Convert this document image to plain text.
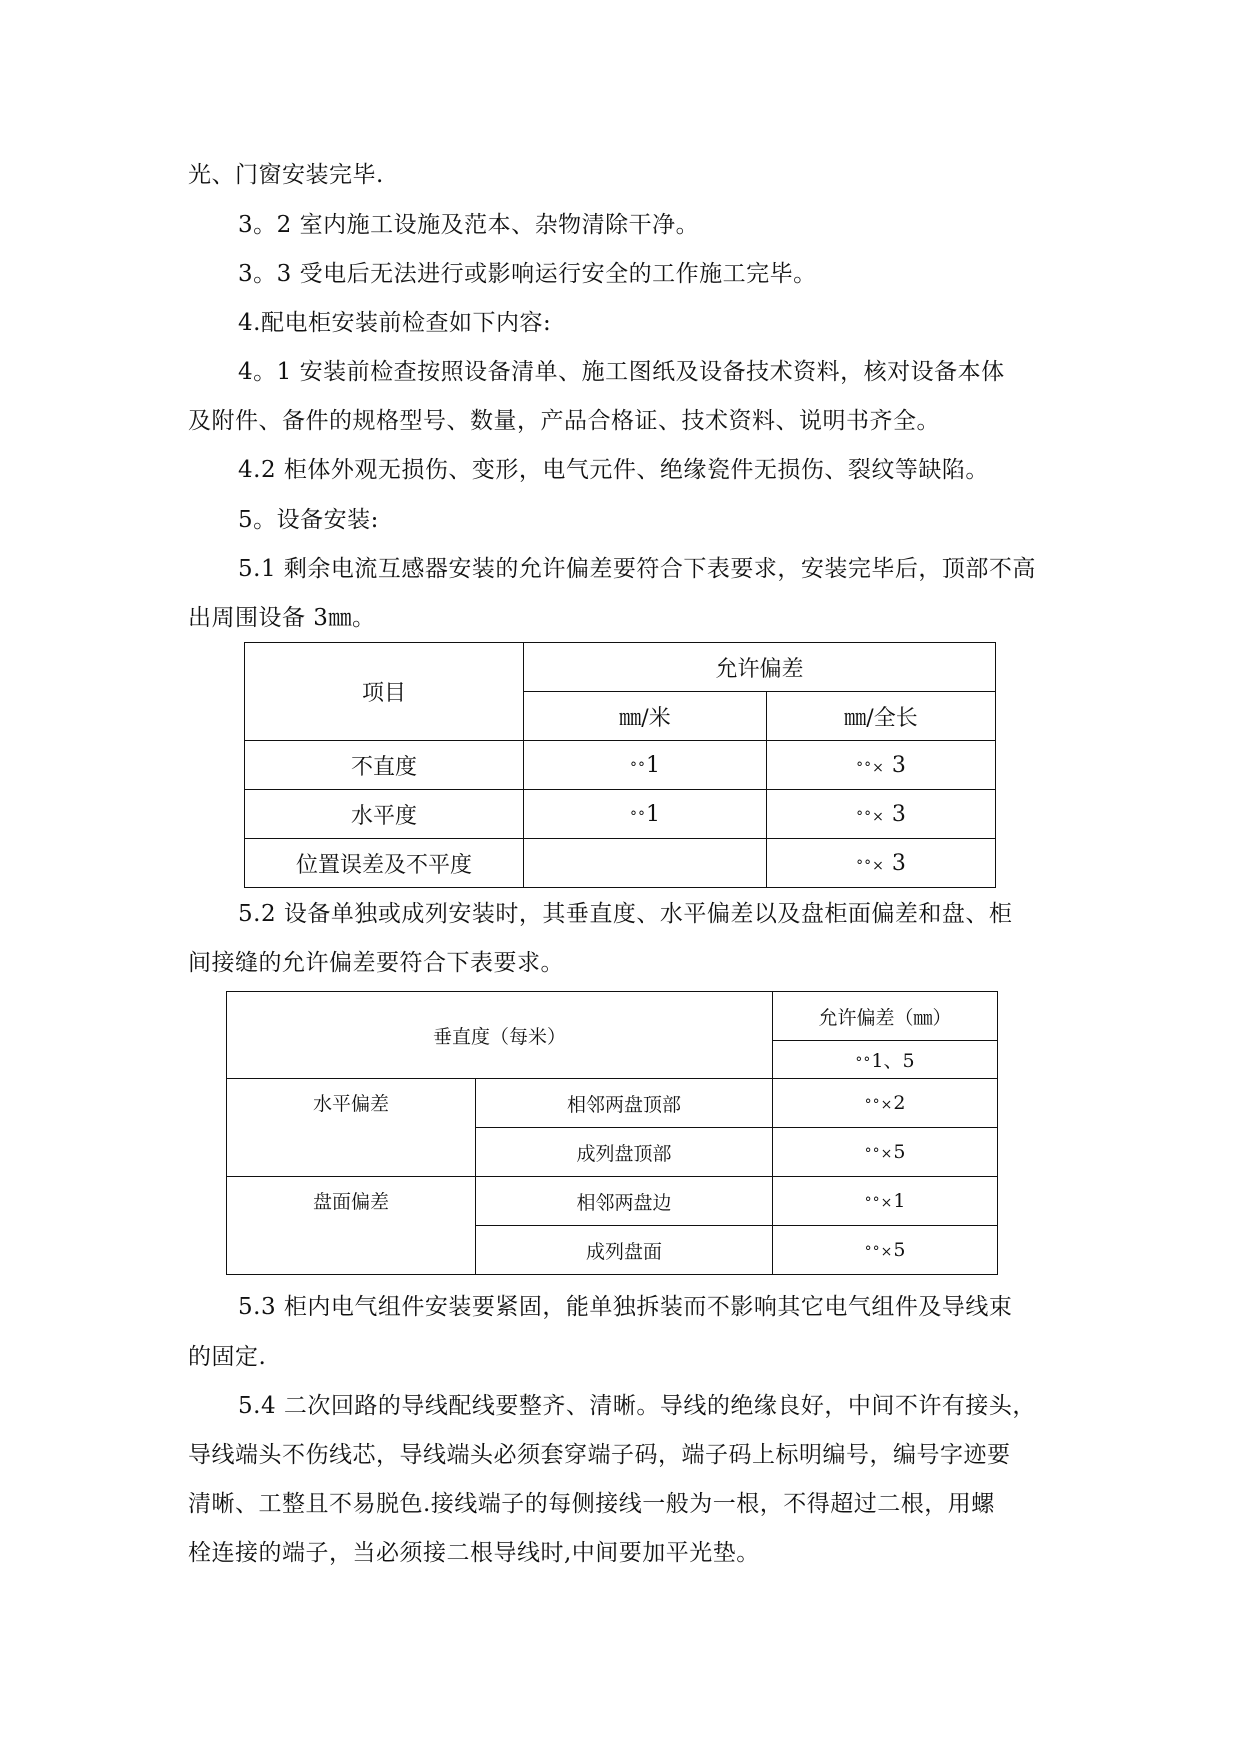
光、门窗安装完毕.
3。2 室内施工设施及范本、杂物清除干净。
3。3 受电后无法进行或影响运行安全的工作施工完毕。
4.配电柜安装前检查如下内容:
4。1 安装前检查按照设备清单、施工图纸及设备技术资料，核对设备本体
及附件、备件的规格型号、数量，产品合格证、技术资料、说明书齐全。
4.2 柜体外观无损伤、变形，电气元件、绝缘瓷件无损伤、裂纹等缺陷。
5。设备安装:
5.1 剩余电流互感器安装的允许偏差要符合下表要求，安装完毕后，顶部不高
出周围设备 3㎜。
项目	允许偏差	
	㎜/米	㎜/全长
不直度	°°1	°°× 3
水平度	°°1	°°× 3
位置误差及不平度		°°× 3
5.2 设备单独或成列安装时，其垂直度、水平偏差以及盘柜面偏差和盘、柜
间接缝的允许偏差要符合下表要求。
垂直度（每米）		允许偏差（㎜）
		°°1、5
水平偏差	相邻两盘顶部	°°×2
	成列盘顶部	°°×5
盘面偏差	相邻两盘边	°°×1
	成列盘面	°°×5
5.3 柜内电气组件安装要紧固，能单独拆装而不影响其它电气组件及导线束
的固定.
5.4 二次回路的导线配线要整齐、清晰。导线的绝缘良好，中间不许有接头，
导线端头不伤线芯，导线端头必须套穿端子码，端子码上标明编号，编号字迹要
清晰、工整且不易脱色.接线端子的每侧接线一般为一根，不得超过二根，用螺
栓连接的端子，当必须接二根导线时,中间要加平光垫。
